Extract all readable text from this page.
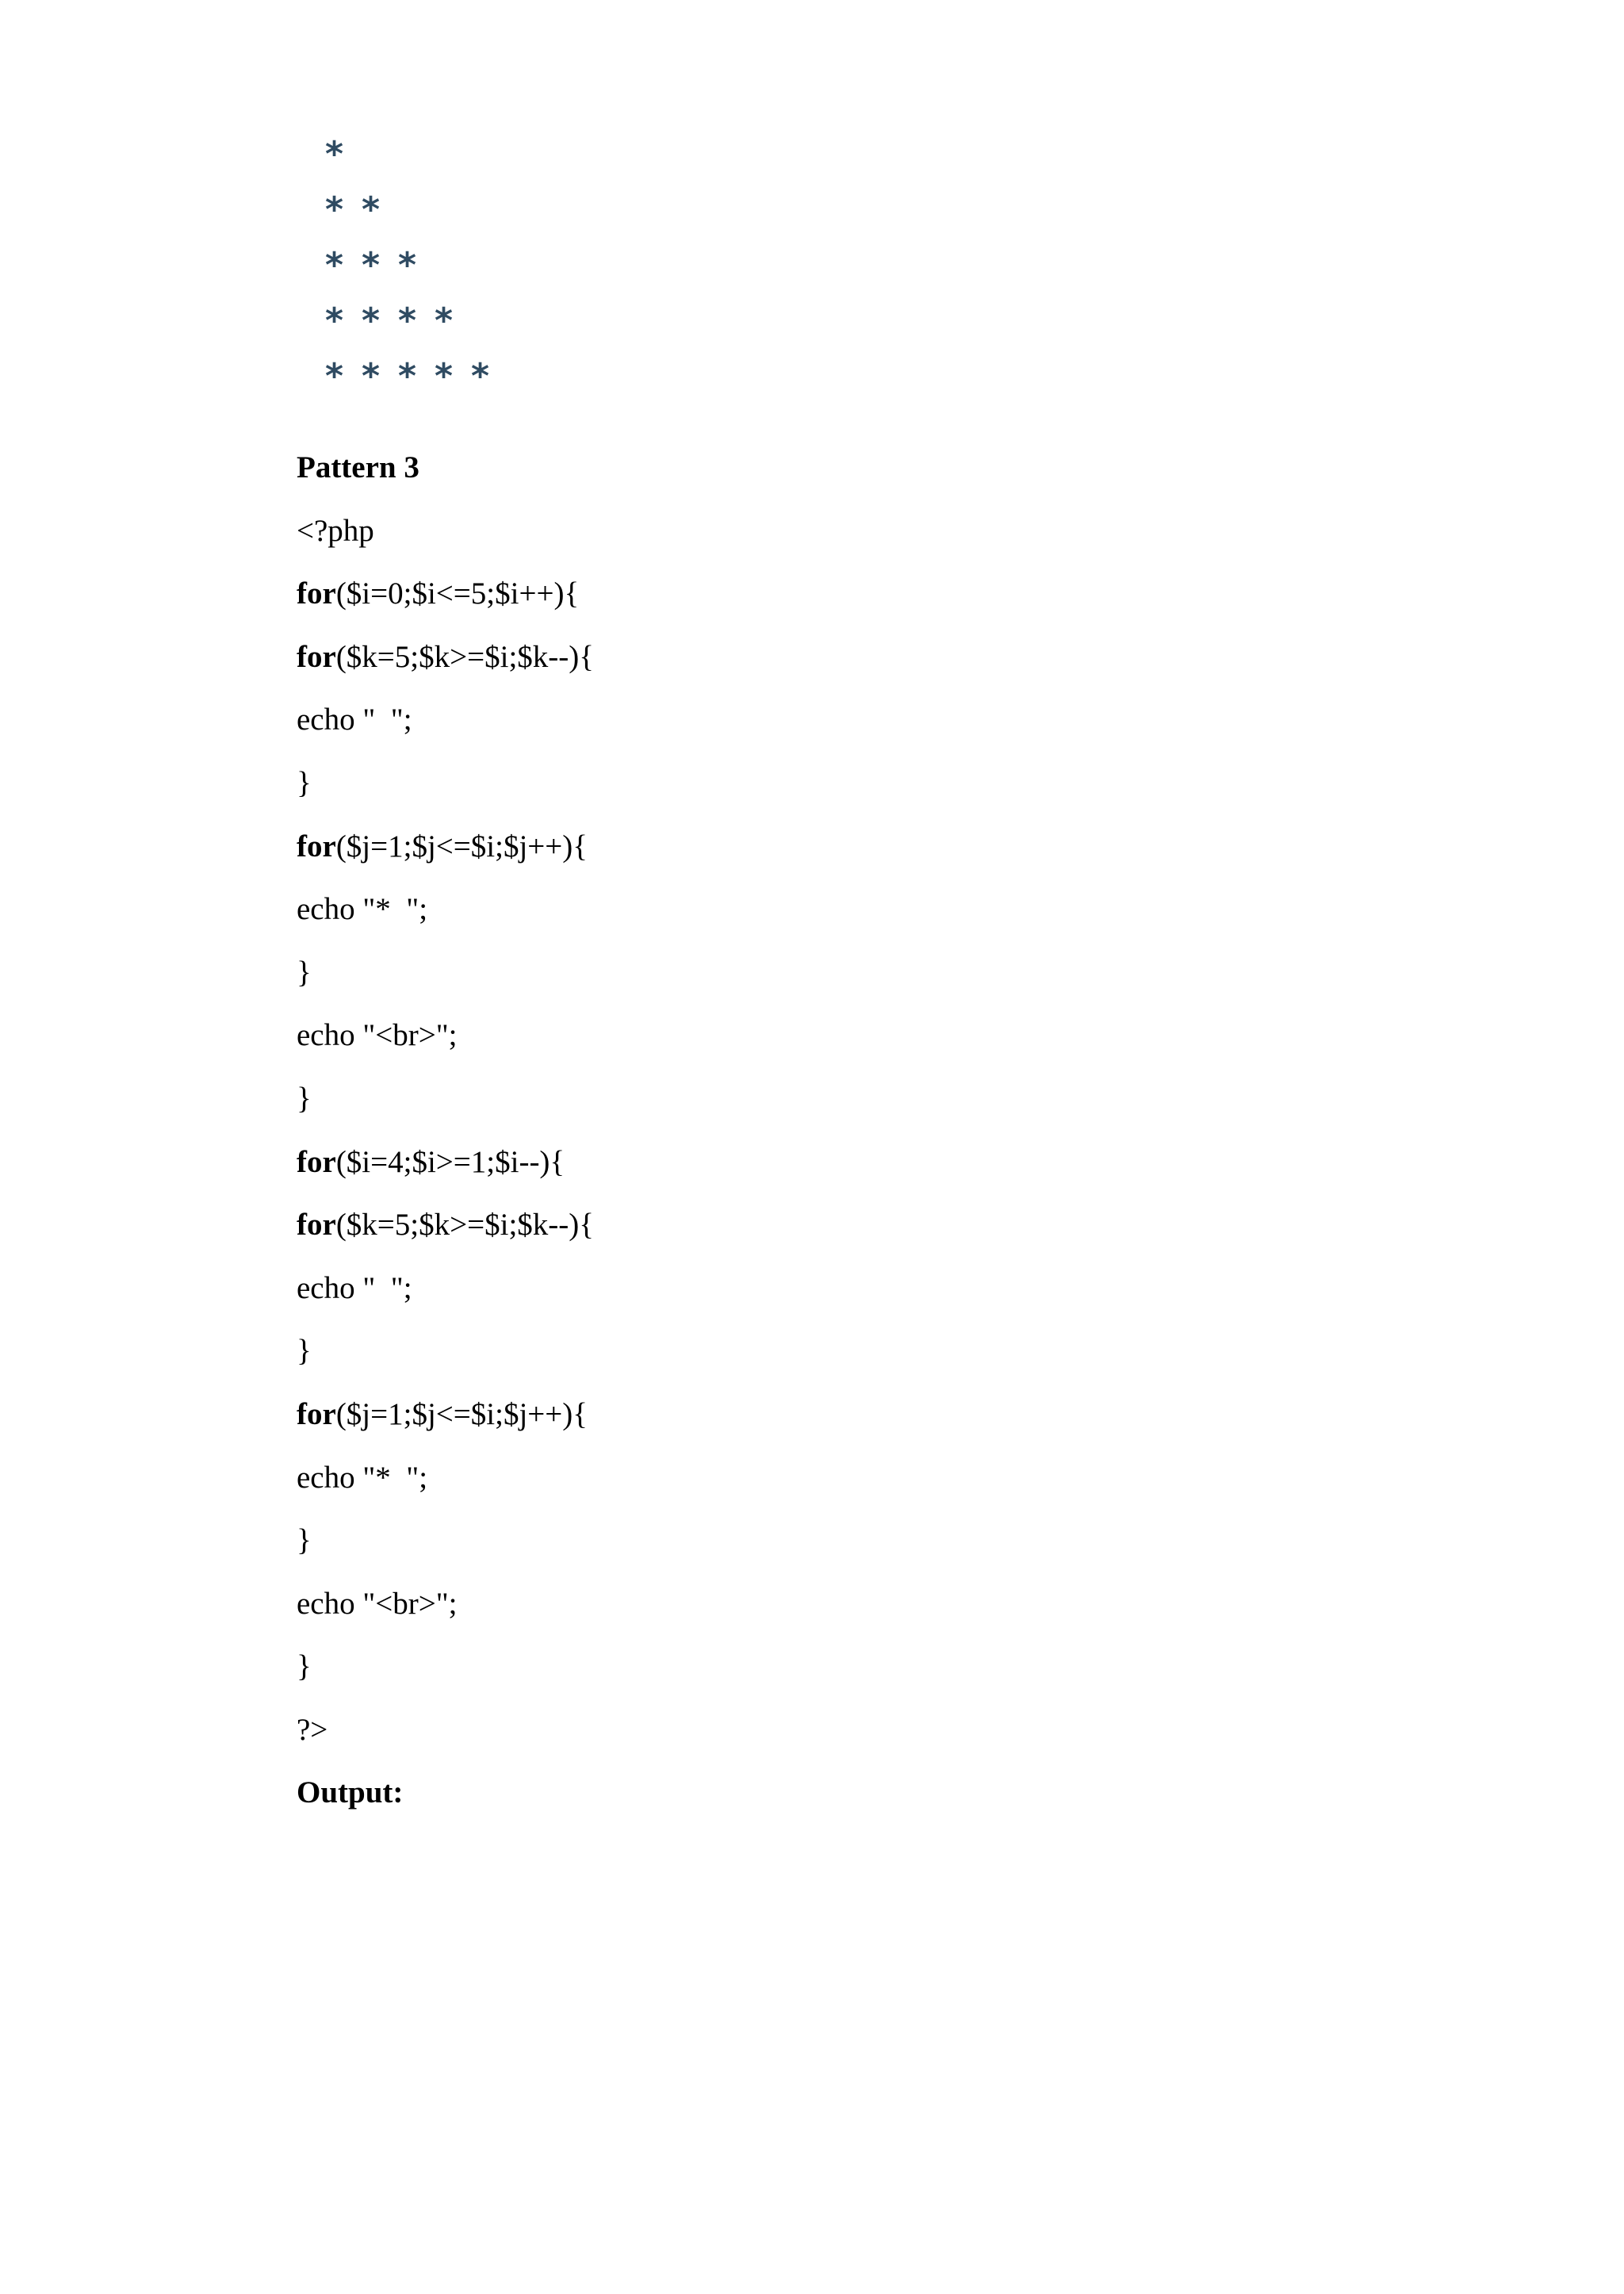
*
* *
* * *
* * * *
* * * * *
Pattern 3
<?php
for($i=0;$i<=5;$i++){
for($k=5;$k>=$i;$k--){
echo "  ";
}
for($j=1;$j<=$i;$j++){
echo "*  ";
}
echo "<br>";
}
for($i=4;$i>=1;$i--){
for($k=5;$k>=$i;$k--){
echo "  ";
}
for($j=1;$j<=$i;$j++){
echo "*  ";
}
echo "<br>";
}
?>
Output:
